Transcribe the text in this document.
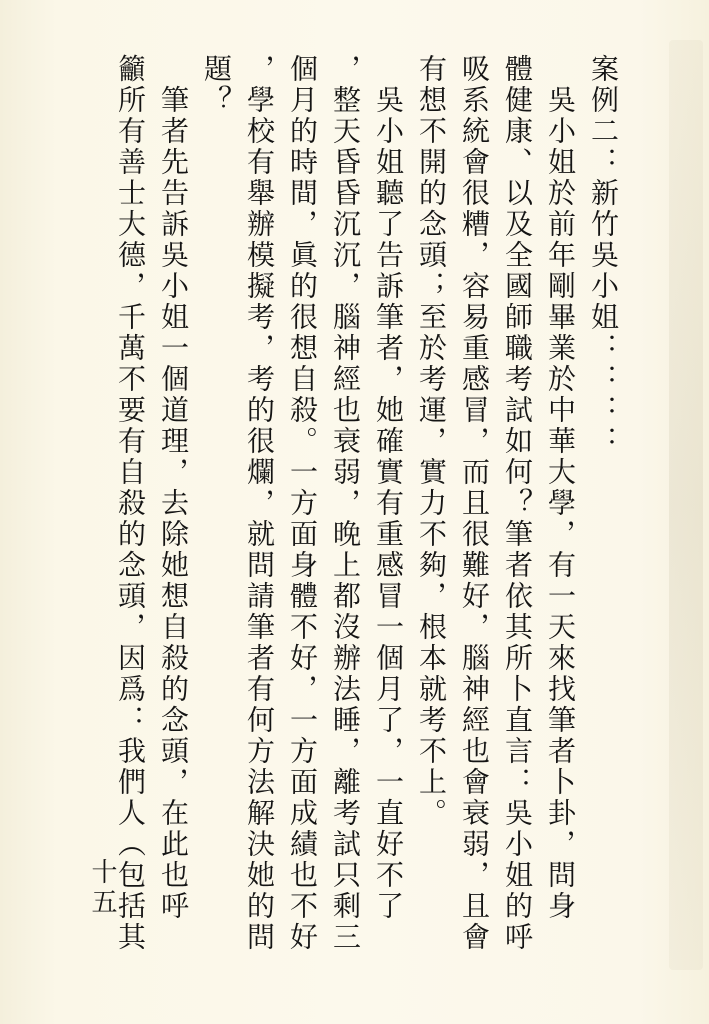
案例二：新竹吳小姐：：：：
　吳小姐於前年剛畢業於中華大學，有一天來找筆者卜卦，問身
體健康、以及全國師職考試如何？筆者依其所卜直言：吳小姐的呼
吸系統會很糟，容易重感冒，而且很難好，腦神經也會衰弱，且會
有想不開的念頭；至於考運，實力不夠，根本就考不上。
　吳小姐聽了告訴筆者，她確實有重感冒一個月了，一直好不了
，整天昏昏沉沉，腦神經也衰弱，晚上都沒辦法睡，離考試只剩三
個月的時間，眞的很想自殺。一方面身體不好，一方面成績也不好
，學校有舉辦模擬考，考的很爛，就問請筆者有何方法解決她的問
題？
　筆者先告訴吳小姐一個道理，去除她想自殺的念頭，在此也呼
籲所有善士大德，千萬不要有自殺的念頭，因爲：我們人（包括其
十五
